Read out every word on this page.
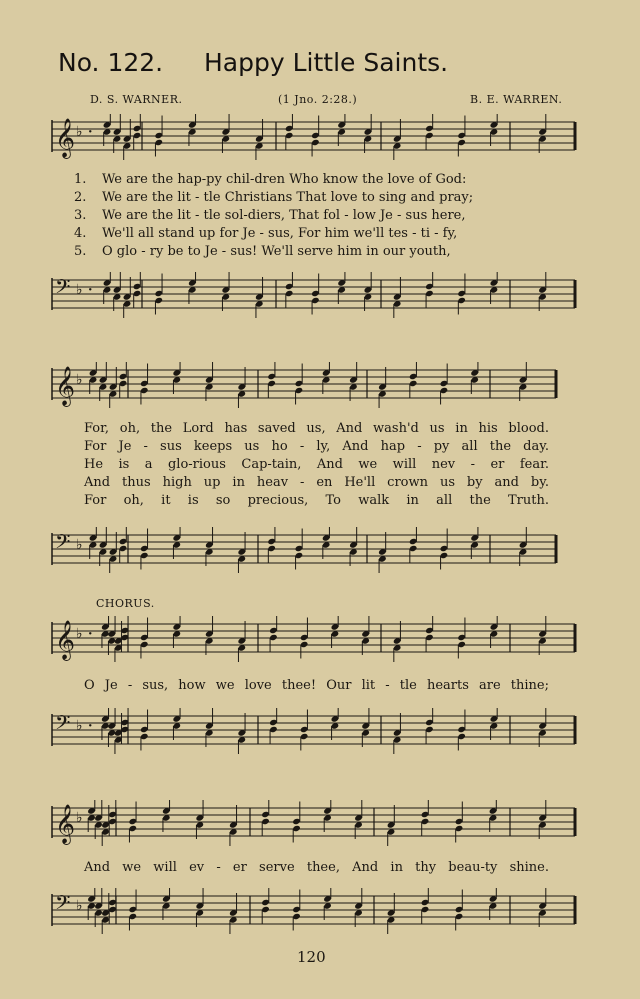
No. 122. Happy Little Saints.
D. S. WARNER.	(1 Jno. 2:28.)	B. E. WARREN.
𝄞 ♭ ·
1. We are the hap-py chil-dren Who know the love of God:
2. We are the lit - tle Christians That love to sing and pray;
3. We are the lit - tle sol-diers, That fol - low Je - sus here,
4. We'll all stand up for Je - sus, For him we'll tes - ti - fy,
5. O glo - ry be to Je - sus! We'll serve him in our youth,
𝄢 ♭ ·
𝄞 ♭
For, oh, the Lord has saved us, And wash'd us in his blood.
For Je - sus keeps us ho - ly, And hap - py all the day.
He is a glo-rious Cap-tain, And we will nev - er fear.
And thus high up in heav - en He'll crown us by and by.
For oh, it is so precious, To walk in all the Truth.
𝄢 ♭
CHORUS.
𝄞 ♭ ·
O Je - sus, how we love thee! Our lit - tle hearts are thine;
𝄢 ♭ ·
𝄞 ♭
And we will ev - er serve thee, And in thy beau-ty shine.
𝄢 ♭
120
